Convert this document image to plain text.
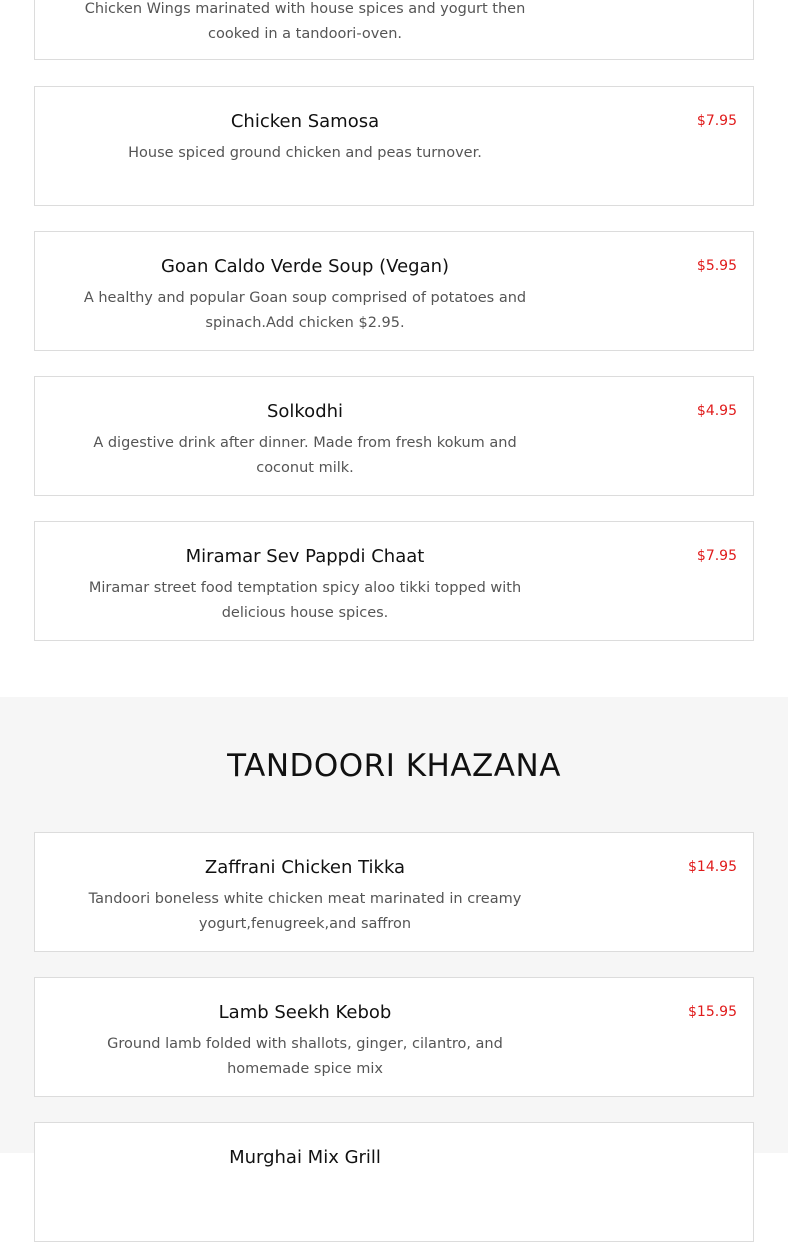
Chicken Wings marinated with house spices and yogurt then cooked in a tandoori-oven.
Chicken Samosa
House spiced ground chicken and peas turnover.
$7.95
Goan Caldo Verde Soup (Vegan)
A healthy and popular Goan soup comprised of potatoes and spinach.Add chicken $2.95.
$5.95
Solkodhi
A digestive drink after dinner. Made from fresh kokum and coconut milk.
$4.95
Miramar Sev Pappdi Chaat
Miramar street food temptation spicy aloo tikki topped with delicious house spices.
$7.95
TANDOORI KHAZANA
Zaffrani Chicken Tikka
Tandoori boneless white chicken meat marinated in creamy yogurt,fenugreek,and saffron
$14.95
Lamb Seekh Kebob
Ground lamb folded with shallots, ginger, cilantro, and homemade spice mix
$15.95
Murghai Mix Grill
